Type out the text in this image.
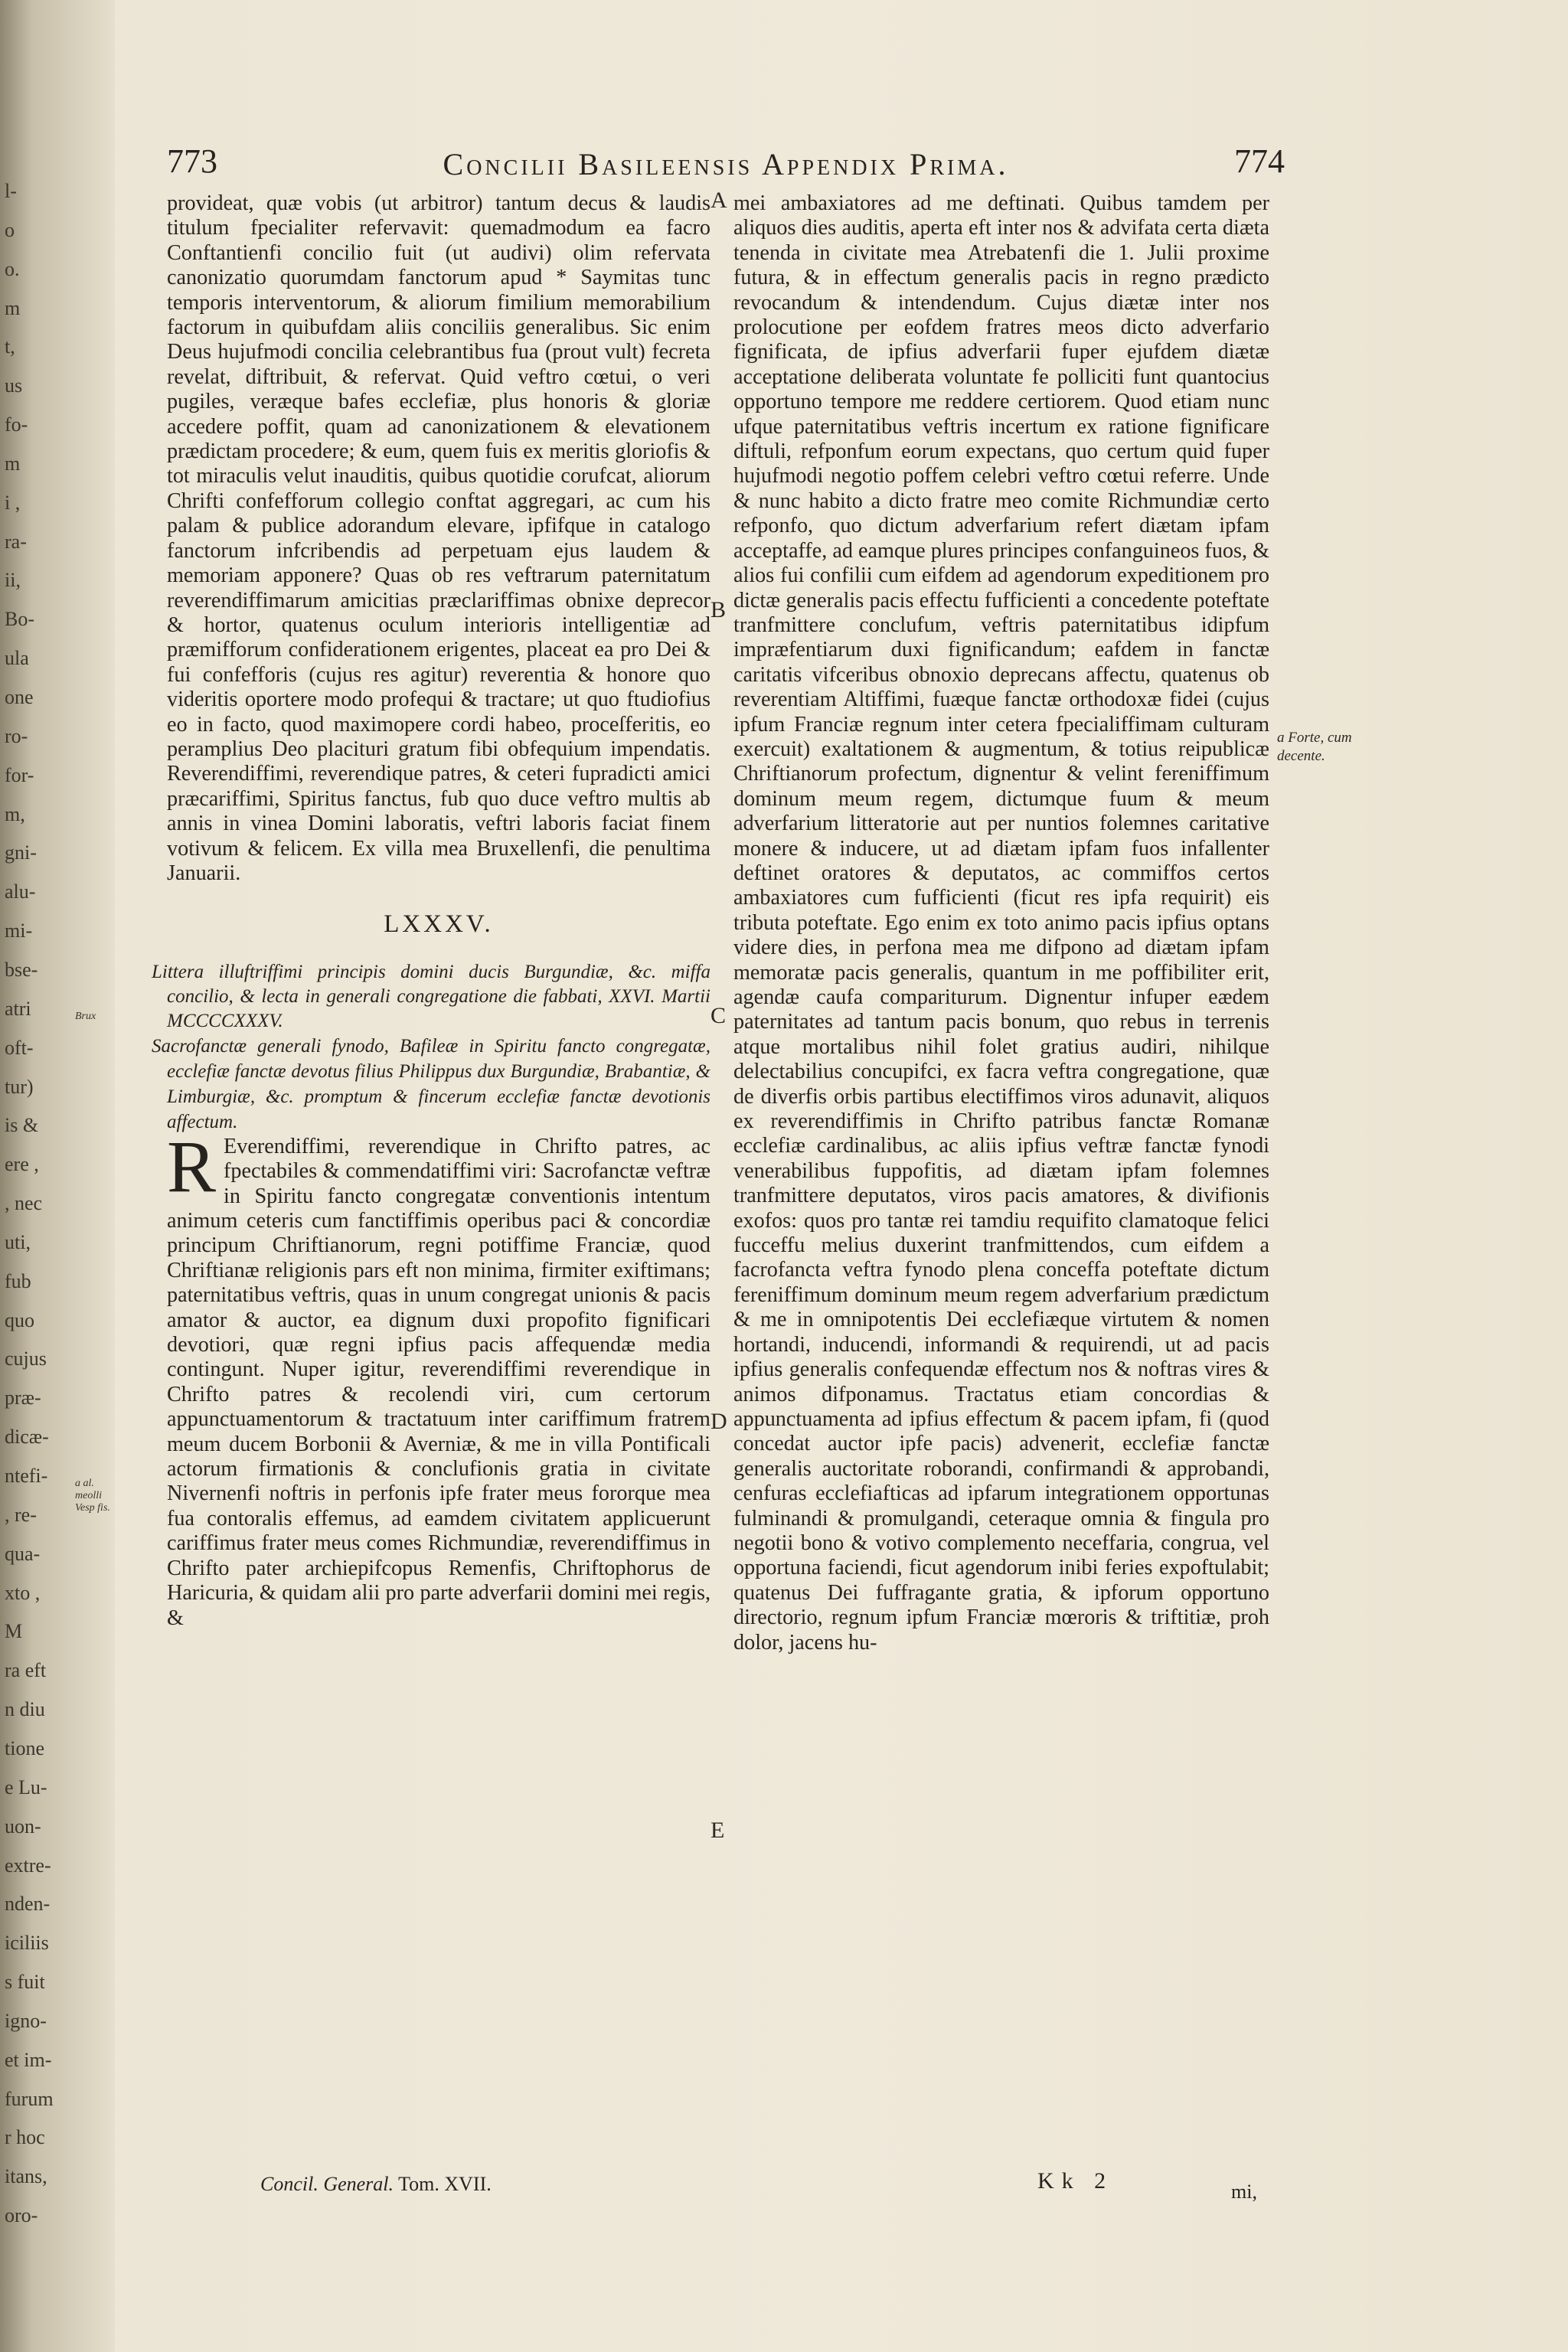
l-
o
o.
m
t,
us
fo-
m
i ,
ra-
ii,
Bo-
ula
one
ro-
for-
m,
gni-
alu-
mi-
bse-
atri
oft-
tur)
is &
ere ,
, nec
uti,
fub
quo
cujus
præ-
dicæ-
ntefi-
, re-
qua-
xto ,
M
ra eft
n diu
tione
e Lu-
uon-
extre-
nden-
iciliis
s fuit
igno-
et im-
furum
r hoc
itans,
oro-
Brux
a al. meolli Vesp fis.
773	Concilii Basileensis Appendix Prima.	774

provideat, quæ vobis (ut arbitror) tantum decus & laudis titulum fpecialiter refervavit: quemadmodum ea facro Conftantienfi concilio fuit (ut audivi) olim refervata canonizatio quorumdam fanctorum apud * Saymitas tunc temporis interventorum, & aliorum fimilium memorabilium factorum in quibufdam aliis conciliis generalibus. Sic enim Deus hujufmodi concilia celebrantibus fua (prout vult) fecreta revelat, diftribuit, & refervat. Quid veftro cœtui, o veri pugiles, veræque bafes ecclefiæ, plus honoris & gloriæ accedere poffit, quam ad canonizationem & elevationem prædictam procedere; & eum, quem fuis ex meritis gloriofis & tot miraculis velut inauditis, quibus quotidie corufcat, aliorum Chrifti confefforum collegio conftat aggregari, ac cum his palam & publice adorandum elevare, ipfifque in catalogo fanctorum infcribendis ad perpetuam ejus laudem & memoriam apponere? Quas ob res veftrarum paternitatum reverendiffimarum amicitias præclariffimas obnixe deprecor & hortor, quatenus oculum interioris intelligentiæ ad præmifforum confiderationem erigentes, placeat ea pro Dei & fui confefforis (cujus res agitur) reverentia & honore quo videritis oportere modo profequi & tractare; ut quo ftudiofius eo in facto, quod maximopere cordi habeo, proceſferitis, eo peramplius Deo placituri gratum fibi obfequium impendatis. Reverendiffimi, reverendique patres, & ceteri fupradicti amici præcariffimi, Spiritus fanctus, fub quo duce veftro multis ab annis in vinea Domini laboratis, veftri laboris faciat finem votivum & felicem. Ex villa mea Bruxellenfi, die penultima Januarii.

LXXXV.

Littera illuftriffimi principis domini ducis Burgundiæ, &c. miffa concilio, & lecta in generali congregatione die fabbati, XXVI. Martii MCCCCXXXV.

Sacrofanctæ generali fynodo, Bafileæ in Spiritu fancto congregatæ, ecclefiæ fanctæ devotus filius Philippus dux Burgundiæ, Brabantiæ, & Limburgiæ, &c. promptum & fincerum ecclefiæ fanctæ devotionis affectum.

R Everendiffimi, reverendique in Chrifto patres, ac fpectabiles & commendatiffimi viri: Sacrofanctæ veftræ in Spiritu fancto congregatæ conventionis intentum animum ceteris cum fanctiffimis operibus paci & concordiæ principum Chriftianorum, regni potiffime Franciæ, quod Chriftianæ religionis pars eft non minima, firmiter exiftimans; paternitatibus veftris, quas in unum congregat unionis & pacis amator & auctor, ea dignum duxi propofito fignificari devotiori, quæ regni ipfius pacis affequendæ media contingunt. Nuper igitur, reverendiffimi reverendique in Chrifto patres & recolendi viri, cum certorum appunctuamentorum & tractatuum inter cariffimum fratrem meum ducem Borbonii & Averniæ, & me in villa Pontificali actorum firmationis & conclufionis gratia in civitate Nivernenfi noftris in perfonis ipfe frater meus fororque mea fua contoralis effemus, ad eamdem civitatem applicuerunt cariffimus frater meus comes Richmundiæ, reverendiffimus in Chrifto pater archiepifcopus Remenfis, Chriftophorus de Haricuria, & quidam alii pro parte adverfarii domini mei regis, &

A
B
C
D
E

mei ambaxiatores ad me deftinati. Quibus tamdem per aliquos dies auditis, aperta eft inter nos & advifata certa diæta tenenda in civitate mea Atrebatenfi die 1. Julii proxime futura, & in effectum generalis pacis in regno prædicto revocandum & intendendum. Cujus diætæ inter nos prolocutione per eofdem fratres meos dicto adverfario fignificata, de ipfius adverfarii fuper ejufdem diætæ acceptatione deliberata voluntate fe polliciti funt quantocius opportuno tempore me reddere certiorem. Quod etiam nunc ufque paternitatibus veftris incertum ex ratione fignificare diftuli, refponfum eorum expectans, quo certum quid fuper hujufmodi negotio poffem celebri veftro cœtui referre. Unde & nunc habito a dicto fratre meo comite Richmundiæ certo refponfo, quo dictum adverfarium refert diætam ipfam acceptaffe, ad eamque plures principes confanguineos fuos, & alios fui confilii cum eifdem ad agendorum expeditionem pro dictæ generalis pacis effectu fufficienti a concedente poteftate tranfmittere conclufum, veftris paternitatibus idipfum impræfentiarum duxi fignificandum; eafdem in fanctæ caritatis vifceribus obnoxio deprecans affectu, quatenus ob reverentiam Altiffimi, fuæque fanctæ orthodoxæ fidei (cujus ipfum Franciæ regnum inter cetera fpecialiffimam culturam exercuit) exaltationem & augmentum, & totius reipublicæ Chriftianorum profectum, dignentur & velint fereniffimum dominum meum regem, dictumque fuum & meum adverfarium litteratorie aut per nuntios folemnes caritative monere & inducere, ut ad diætam ipfam fuos infallenter deftinet oratores & deputatos, ac commiffos certos ambaxiatores cum fufficienti (ficut res ipfa requirit) eis tributa poteftate. Ego enim ex toto animo pacis ipfius optans videre dies, in perfona mea me difpono ad diætam ipfam memoratæ pacis generalis, quantum in me poffibiliter erit, agendæ caufa compariturum. Dignentur infuper eædem paternitates ad tantum pacis bonum, quo rebus in terrenis atque mortalibus nihil folet gratius audiri, nihilque delectabilius concupifci, ex facra veftra congregatione, quæ de diverfis orbis partibus electiffimos viros adunavit, aliquos ex reverendiffimis in Chrifto patribus fanctæ Romanæ ecclefiæ cardinalibus, ac aliis ipfius veftræ fanctæ fynodi venerabilibus fuppofitis, ad diætam ipfam folemnes tranfmittere deputatos, viros pacis amatores, & divifionis exofos: quos pro tantæ rei tamdiu requifito clamatoque felici fucceffu melius duxerint tranfmittendos, cum eifdem a facrofancta veftra fynodo plena conceffa poteftate dictum fereniffimum dominum meum regem adverfarium prædictum & me in omnipotentis Dei ecclefiæque virtutem & nomen hortandi, inducendi, informandi & requirendi, ut ad pacis ipfius generalis confequendæ effectum nos & noftras vires & animos difponamus. Tractatus etiam concordias & appunctuamenta ad ipfius effectum & pacem ipfam, fi (quod concedat auctor ipfe pacis) advenerit, ecclefiæ fanctæ generalis auctoritate roborandi, confirmandi & approbandi, cenfuras ecclefiafticas ad ipfarum integrationem opportunas fulminandi & promulgandi, ceteraque omnia & fingula pro negotii bono & votivo complemento neceffaria, congrua, vel opportuna faciendi, ficut agendorum inibi feries expoftulabit; quatenus Dei fuffragante gratia, & ipforum opportuno directorio, regnum ipfum Franciæ mœroris & triftitiæ, proh dolor, jacens hu-

a Forte, cum decente.
Concil. General. Tom. XVII.	Kk 2	mi,
